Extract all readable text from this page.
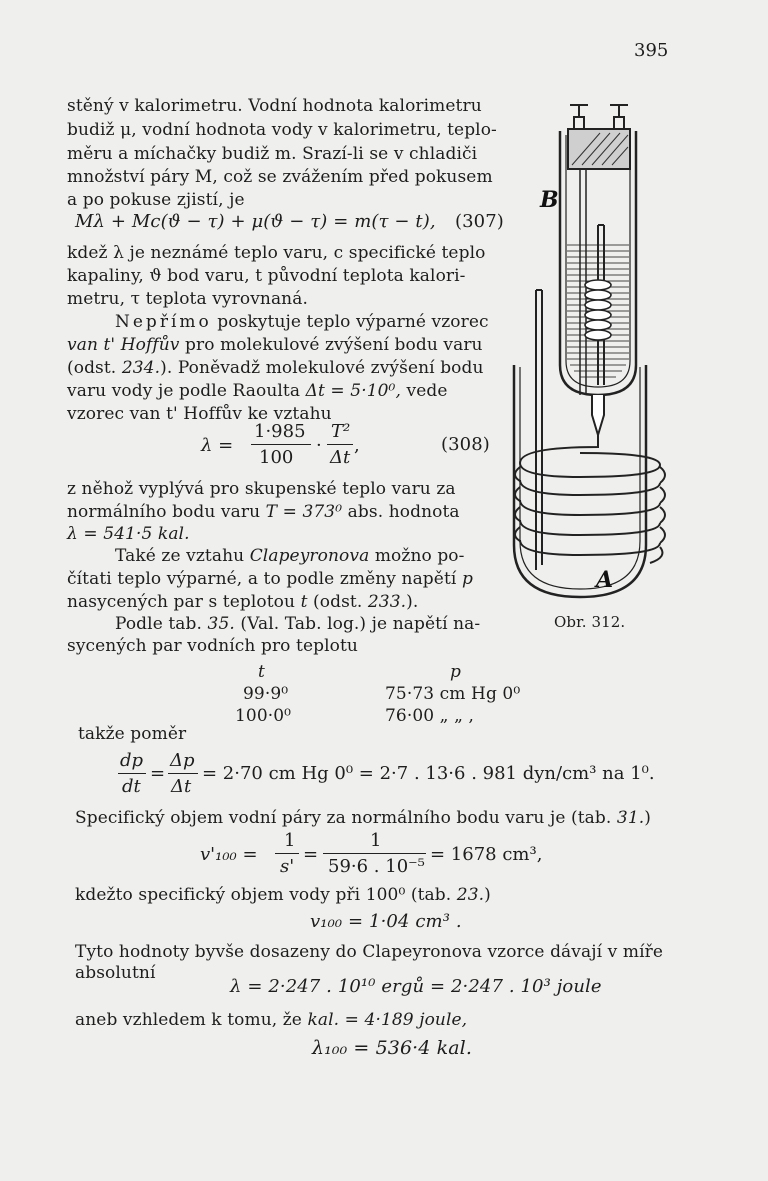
395
stěný v kalorimetru. Vodní hodnota kalorimetru
budiž μ, vodní hodnota vody v kalorimetru, teplo-
měru a míchačky budiž m. Srazí-li se v chladiči
množství páry M, což se zvážením před pokusem
a po pokuse zjistí, je
Mλ + Mc(ϑ − τ) + μ(ϑ − τ) = m(τ − t), (307)
kdež λ je neznámé teplo varu, c specifické teplo
kapaliny, ϑ bod varu, t původní teplota kalori-
metru, τ teplota vyrovnaná.
Nepřímo poskytuje teplo výparné vzorec
van t' Hoffův pro molekulové zvýšení bodu varu
(odst. 234.). Poněvadž molekulové zvýšení bodu
varu vody je podle Raoulta Δt = 5·10⁰, vede
vzorec van t' Hoffův ke vztahu
λ =
1·985
100
·
T²
Δt
,	(308)
z něhož vyplývá pro skupenské teplo varu za
normálního bodu varu T = 373⁰ abs. hodnota
λ = 541·5 kal.
Také ze vztahu Clapeyronova možno po-
čítati teplo výparné, a to podle změny napětí p
nasycených par s teplotou t (odst. 233.).
Podle tab. 35. (Val. Tab. log.) je napětí na-
sycených par vodních pro teplotu
t	p
99·9⁰	75·73 cm Hg 0⁰
100·0⁰	76·00 „ „ ,
takže poměr
dp
dt
=
Δp
Δt
= 2·70 cm Hg 0⁰ = 2·7 . 13·6 . 981 dyn/cm³ na 1⁰.
Specifický objem vodní páry za normálního bodu varu je (tab. 31.)
v'₁₀₀ =
1
s'
=
1
59·6 . 10⁻⁵
= 1678 cm³,
kdežto specifický objem vody při 100⁰ (tab. 23.)
v₁₀₀ = 1·04 cm³ .
Tyto hodnoty byvše dosazeny do Clapeyronova vzorce dávají v míře
absolutní
λ = 2·247 . 10¹⁰ ergů = 2·247 . 10³ joule
aneb vzhledem k tomu, že kal. = 4·189 joule,
λ₁₀₀ = 536·4 kal.
B
A
Obr. 312.
